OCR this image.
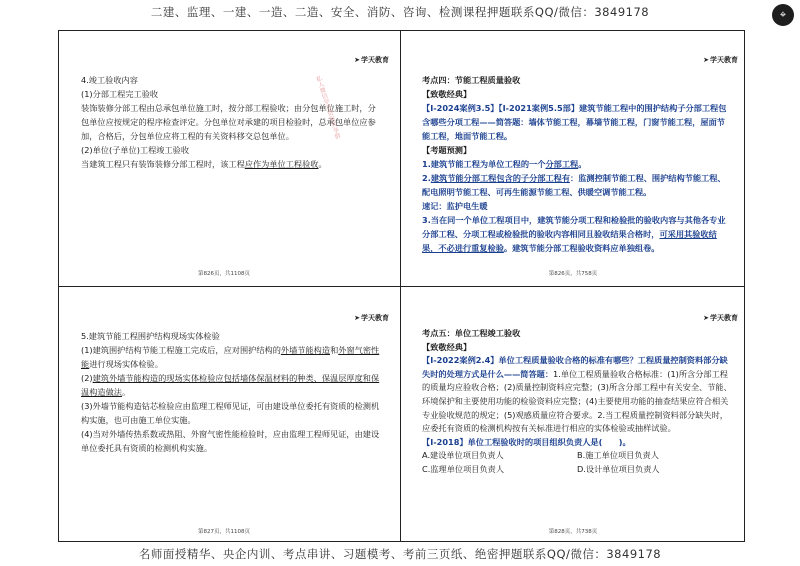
二建、监理、一建、一造、二造、安全、消防、咨询、检测课程押题联系QQ/微信：3849178	⌖
➤ 学天教育

4.竣工验收内容

(1)分部工程完工验收

装饰装修分部工程由总承包单位施工时，按分部工程验收；由分包单位施工时，分包单位应按规定的程序检查评定。分包单位对承建的项目检验时，总承包单位应参加，合格后，分包单位应将工程的有关资料移交总包单位。

(2)单位(子单位)工程竣工验收

当建筑工程只有装饰装修分部工程时，该工程应作为单位工程验收。

第826页，共1108页
私人微信学习资料共享群
➤ 学天教育

考点四：节能工程质量验收

【致敬经典】

【Ⅰ-2024案例3.5】【Ⅰ-2021案例5.5部】建筑节能工程中的围护结构子分部工程包含哪些分项工程——简答题：墙体节能工程，幕墙节能工程，门窗节能工程，屋面节能工程，地面节能工程。

【考题预测】

1.建筑节能工程为单位工程的一个分部工程。

2.建筑节能分部工程包含的子分部工程有：监测控制节能工程、围护结构节能工程、配电照明节能工程、可再生能源节能工程、供暖空调节能工程。

速记：监护电生暖

3.当在同一个单位工程项目中，建筑节能分项工程和检验批的验收内容与其他各专业分部工程、分项工程或检验批的验收内容相同且验收结果合格时，可采用其验收结果，不必进行重复检验。建筑节能分部工程验收资料应单独组卷。

第826页，共758页
➤ 学天教育

5.建筑节能工程围护结构现场实体检验

(1)建筑围护结构节能工程施工完成后，应对围护结构的外墙节能构造和外窗气密性能进行现场实体检验。

(2)建筑外墙节能构造的现场实体检验应包括墙体保温材料的种类、保温层厚度和保温构造做法。

(3)外墙节能构造钻芯检验应由监理工程师见证，可由建设单位委托有资质的检测机构实施，也可由施工单位实施。

(4)当对外墙传热系数或热阻、外窗气密性能检验时，应由监理工程师见证，由建设单位委托具有资质的检测机构实施。

第827页，共1108页
➤ 学天教育

考点五：单位工程竣工验收

【致敬经典】

【Ⅰ-2022案例2.4】单位工程质量验收合格的标准有哪些？工程质量控制资料部分缺失时的处理方式是什么——简答题：1.单位工程质量验收合格标准：(1)所含分部工程的质量均应验收合格；(2)质量控制资料应完整；(3)所含分部工程中有关安全、节能、环境保护和主要使用功能的检验资料应完整；(4)主要使用功能的抽查结果应符合相关专业验收规范的规定；(5)观感质量应符合要求。2.当工程质量控制资料部分缺失时，应委托有资质的检测机构按有关标准进行相应的实体检验或抽样试验。

【Ⅰ-2018】单位工程验收时的项目组织负责人是(　　)。

A.建设单位项目负责人	B.施工单位项目负责人
C.监理单位项目负责人	D.设计单位项目负责人
第828页，共738页
名师面授精华、央企内训、考点串讲、习题模考、考前三页纸、绝密押题联系QQ/微信：3849178
